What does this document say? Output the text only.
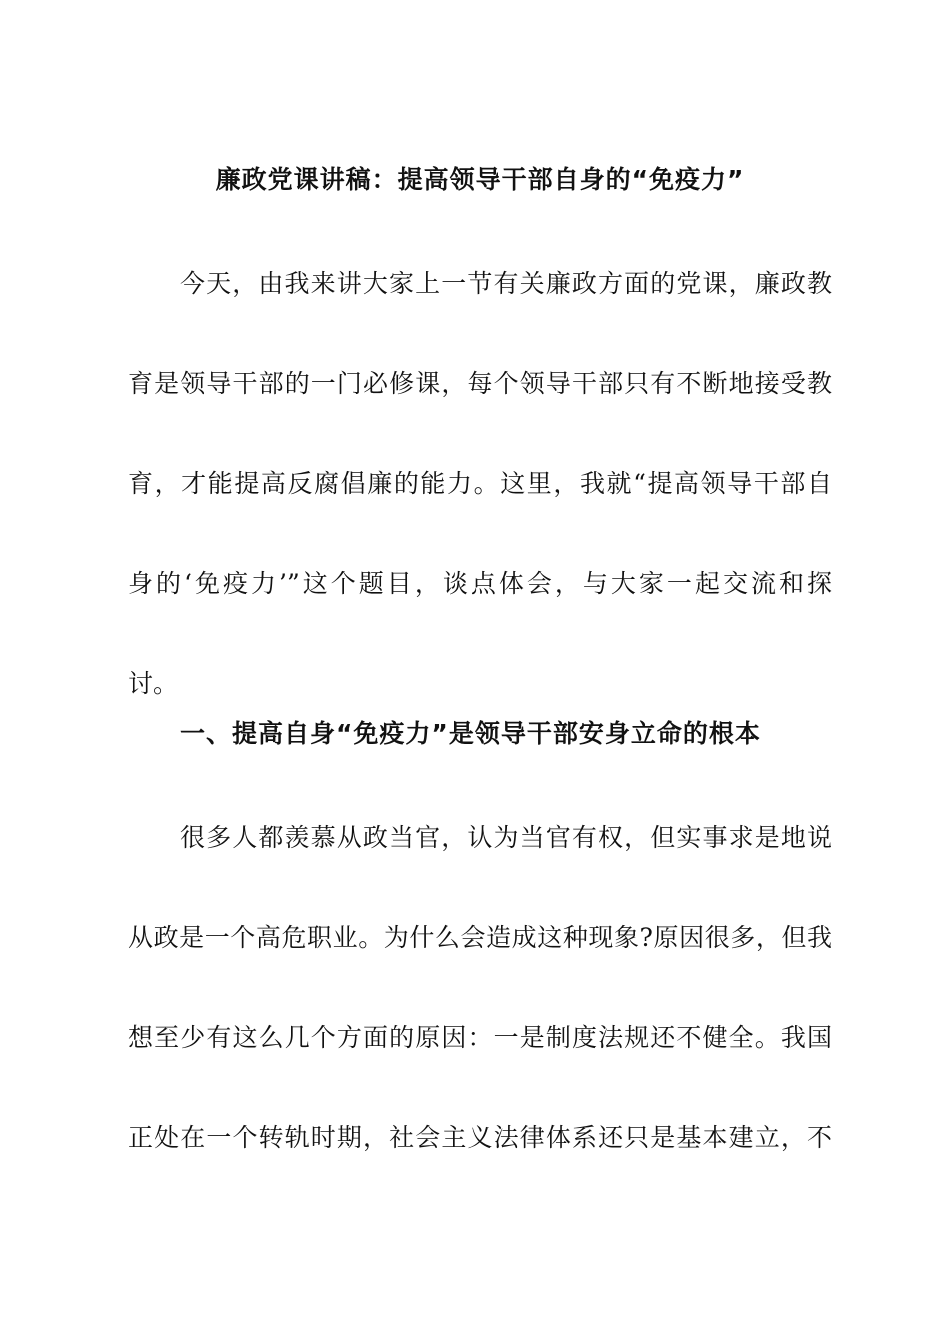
廉政党课讲稿：提高领导干部自身的“免疫力”

今天，由我来讲大家上一节有关廉政方面的党课，廉政教

育是领导干部的一门必修课，每个领导干部只有不断地接受教

育，才能提高反腐倡廉的能力。这里，我就“提高领导干部自

身的‘免疫力’”这个题目，谈点体会，与大家一起交流和探

讨。

一、提高自身“免疫力”是领导干部安身立命的根本

很多人都羡慕从政当官，认为当官有权，但实事求是地说

从政是一个高危职业。为什么会造成这种现象?原因很多，但我

想至少有这么几个方面的原因：一是制度法规还不健全。我国

正处在一个转轨时期，社会主义法律体系还只是基本建立，不
